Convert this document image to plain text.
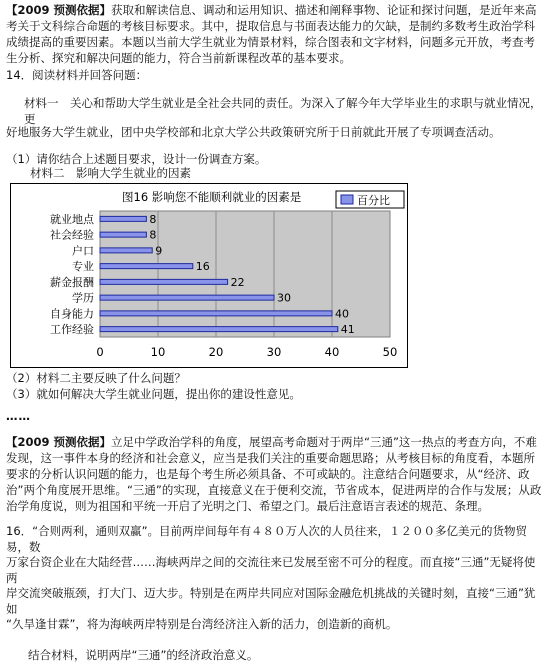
【2009 预测依据】获取和解读信息、调动和运用知识、描述和阐释事物、论证和探讨问题，是近年来高考关于文科综合命题的考核目标要求。其中，提取信息与书面表达能力的欠缺，是制约多数考生政治学科成绩提高的重要因素。本题以当前大学生就业为情景材料，综合图表和文字材料，问题多元开放，考查考生分析、探究和解决问题的能力，符合当前新课程改革的基本要求。

14．阅读材料并回答问题：
材料一　关心和帮助大学生就业是全社会共同的责任。为深入了解今年大学毕业生的求职与就业情况，更
好地服务大学生就业，团中央学校部和北京大学公共政策研究所于日前就此开展了专项调查活动。
（1）请你结合上述题目要求，设计一份调查方案。
材料二　影响大学生就业的因素
图16 影响您不能顺利就业的因素是	百分比
0	10	20	30	40	50
就业地点	8
社会经验	8
户口	9
专业	16
薪金报酬	22
学历	30
自身能力	40
工作经验	41
（2）材料二主要反映了什么问题？
（3）就如何解决大学生就业问题，提出你的建设性意见。
……

【2009 预测依据】立足中学政治学科的角度，展望高考命题对于两岸“三通”这一热点的考查方向，不难发现，这一事件本身的经济和社会意义，应当是我们关注的重要命题思路；从考核目标的角度看，本题所要求的分析认识问题的能力，也是每个考生所必须具备、不可或缺的。注意结合问题要求，从“经济、政治”两个角度展开思维。“三通”的实现，直接意义在于便利交流，节省成本，促进两岸的合作与发展；从政治学角度说，则为祖国和平统一开启了光明之门、希望之门。最后注意语言表述的规范、条理。

16．“合则两利，通则双赢”。目前两岸间每年有４８０万人次的人员往来，１２００多亿美元的货物贸易，数
万家台资企业在大陆经营……海峡两岸之间的交流往来已发展至密不可分的程度。而直接“三通”无疑将使两
岸交流突破瓶颈，打大门、迈大步。特别是在两岸共同应对国际金融危机挑战的关键时刻，直接“三通”犹如
“久旱逢甘霖”，将为海峡两岸特别是台湾经济注入新的活力，创造新的商机。
结合材料，说明两岸“三通”的经济政治意义。
